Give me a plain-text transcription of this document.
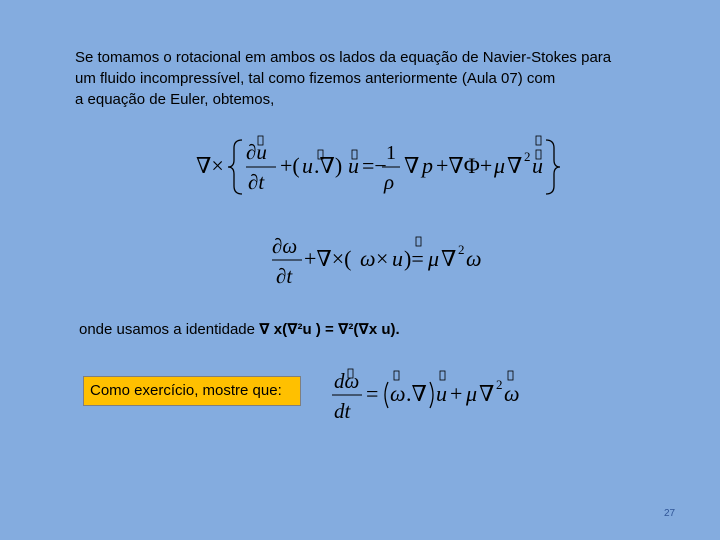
Se tomamos o rotacional em ambos os lados da equação de Navier-Stokes para
um fluido incompressível, tal como fizemos anteriormente (Aula 07) com
a equação de Euler, obtemos,
∇×
∂u
∂t
+( u .∇) u =− 1
ρ
∇ p +∇Φ+ μ ∇ 2 u
∂ω
∂t
+∇×( ω × u )= μ ∇ 2 ω
onde usamos a identidade ∇ x(∇²u ) = ∇²(∇x u).
Como exercício, mostre que:	dω
dt
= ω .∇ u + μ ∇ 2 ω
27
